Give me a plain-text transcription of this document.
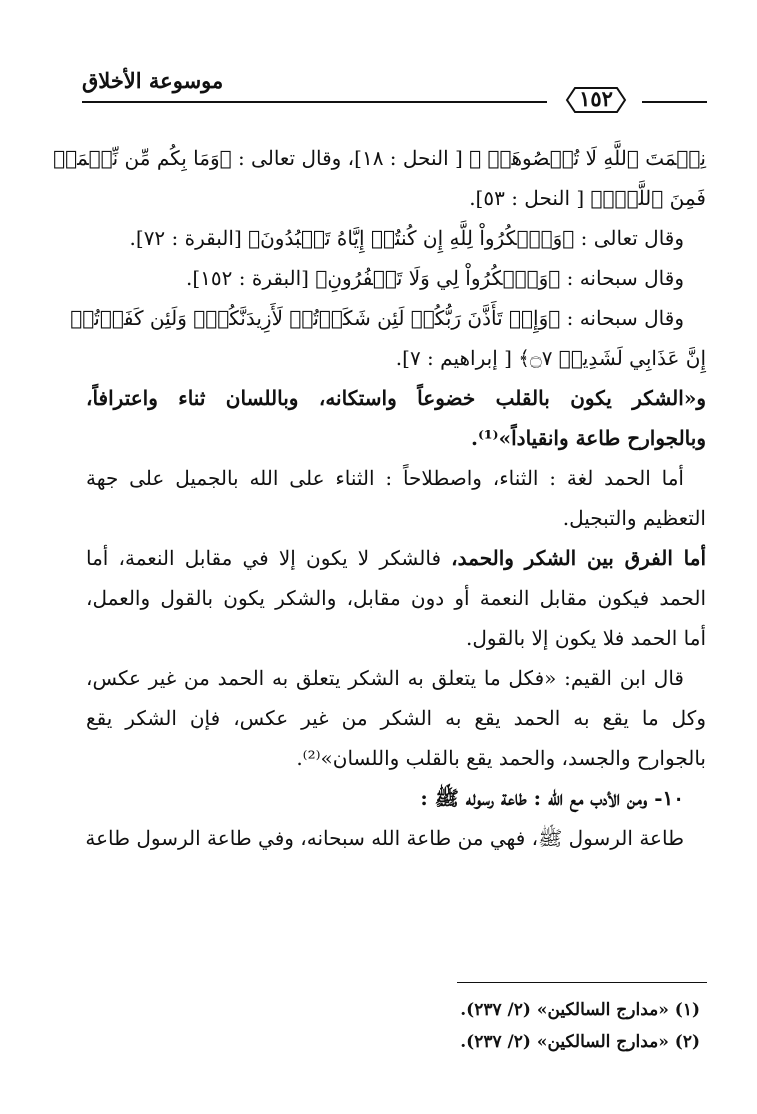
موسوعة الأخلاق
١٥٢
نِعۡمَتَ ٱللَّهِ لَا تُحۡصُوهَآۗ ﴾ [ النحل : ١٨]، وقال تعالى : ﴿وَمَا بِكُم مِّن نِّعۡمَةٖ
فَمِنَ ٱللَّهِۖ﴾ [ النحل : ٥٣].
وقال تعالى : ﴿وَٱشۡكُرُواْ لِلَّهِ إِن كُنتُمۡ إِيَّاهُ تَعۡبُدُونَ﴾ [البقرة : ٧٢].
وقال سبحانه : ﴿وَٱشۡكُرُواْ لِي وَلَا تَكۡفُرُونِ﴾ [البقرة : ١٥٢].
وقال سبحانه : ﴿وَإِذۡ تَأَذَّنَ رَبُّكُمۡ لَئِن شَكَرۡتُمۡ لَأَزِيدَنَّكُمۡۖ وَلَئِن كَفَرۡتُمۡ
إِنَّ عَذَابِي لَشَدِيدٞ ۝٧﴾ [ إبراهيم : ٧].
و«الشكر يكون بالقلب خضوعاً واستكانه، وباللسان ثناء واعترافاً،
وبالجوارح طاعة وانقياداً»⁽¹⁾.
أما الحمد لغة : الثناء، واصطلاحاً : الثناء على الله بالجميل على جهة
التعظيم والتبجيل.
أما الفرق بين الشكر والحمد، فالشكر لا يكون إلا في مقابل النعمة، أما
الحمد فيكون مقابل النعمة أو دون مقابل، والشكر يكون بالقول والعمل،
أما الحمد فلا يكون إلا بالقول.
قال ابن القيم: «فكل ما يتعلق به الشكر يتعلق به الحمد من غير عكس،
وكل ما يقع به الحمد يقع به الشكر من غير عكس، فإن الشكر يقع
بالجوارح والجسد، والحمد يقع بالقلب واللسان»⁽²⁾.
١٠- ومن الأدب مع الله : طاعة رسوله ﷺ :
طاعة الرسول ﷺ، فهي من طاعة الله سبحانه، وفي طاعة الرسول طاعة
(١) «مدارج السالكين» (٢/ ٢٣٧).
(٢) «مدارج السالكين» (٢/ ٢٣٧).
